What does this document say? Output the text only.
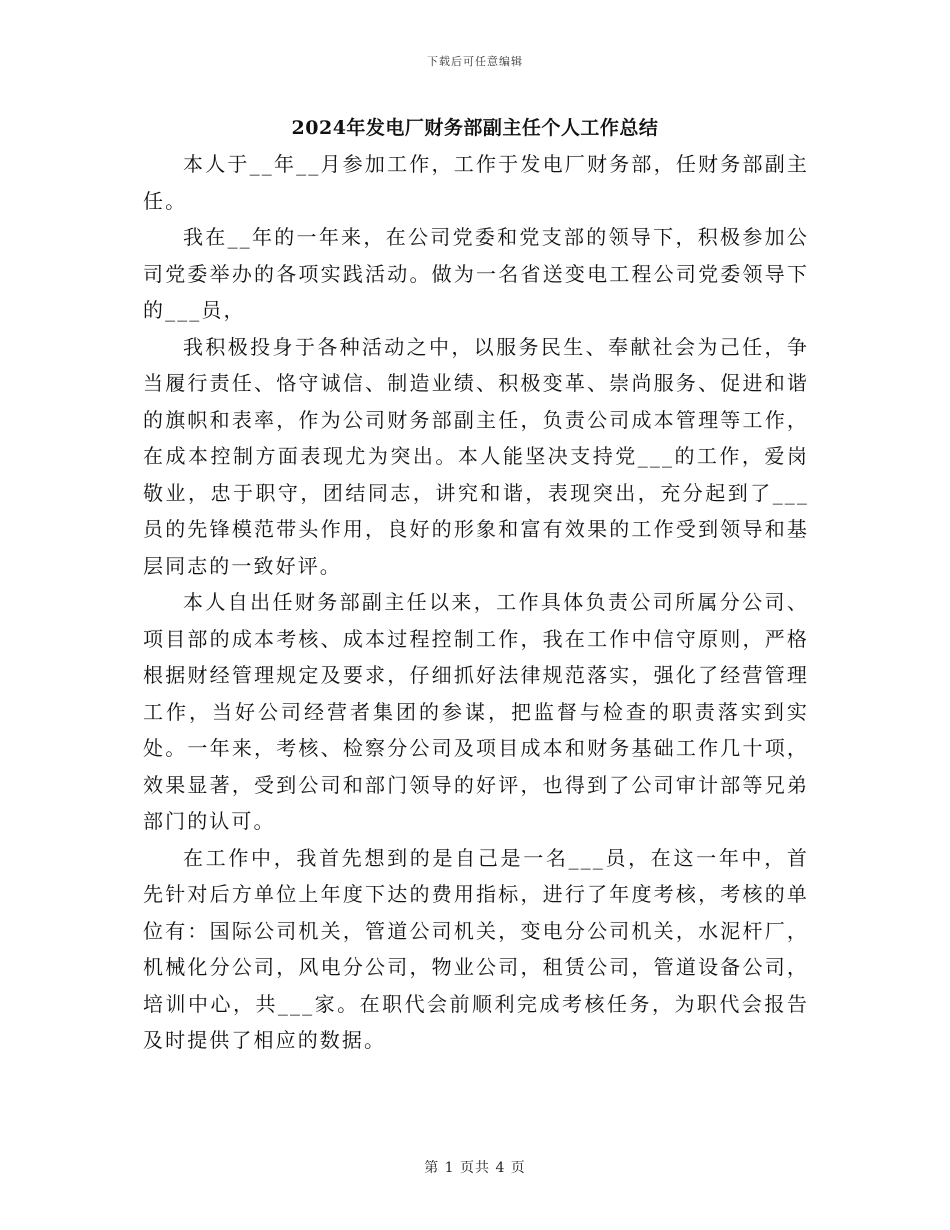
下载后可任意编辑
2024年发电厂财务部副主任个人工作总结

本人于__年__月参加工作，工作于发电厂财务部，任财务部副主任。

我在__年的一年来，在公司党委和党支部的领导下，积极参加公司党委举办的各项实践活动。做为一名省送变电工程公司党委领导下的___员，

我积极投身于各种活动之中，以服务民生、奉献社会为己任，争当履行责任、恪守诚信、制造业绩、积极变革、崇尚服务、促进和谐的旗帜和表率，作为公司财务部副主任，负责公司成本管理等工作，在成本控制方面表现尤为突出。本人能坚决支持党___的工作，爱岗敬业，忠于职守，团结同志，讲究和谐，表现突出，充分起到了___员的先锋模范带头作用，良好的形象和富有效果的工作受到领导和基层同志的一致好评。

本人自出任财务部副主任以来，工作具体负责公司所属分公司、项目部的成本考核、成本过程控制工作，我在工作中信守原则，严格根据财经管理规定及要求，仔细抓好法律规范落实，强化了经营管理工作，当好公司经营者集团的参谋，把监督与检查的职责落实到实处。一年来，考核、检察分公司及项目成本和财务基础工作几十项，效果显著，受到公司和部门领导的好评，也得到了公司审计部等兄弟部门的认可。

在工作中，我首先想到的是自己是一名___员，在这一年中，首先针对后方单位上年度下达的费用指标，进行了年度考核，考核的单位有：国际公司机关，管道公司机关，变电分公司机关，水泥杆厂，机械化分公司，风电分公司，物业公司，租赁公司，管道设备公司，培训中心，共___家。在职代会前顺利完成考核任务，为职代会报告及时提供了相应的数据。

第 1 页共 4 页
